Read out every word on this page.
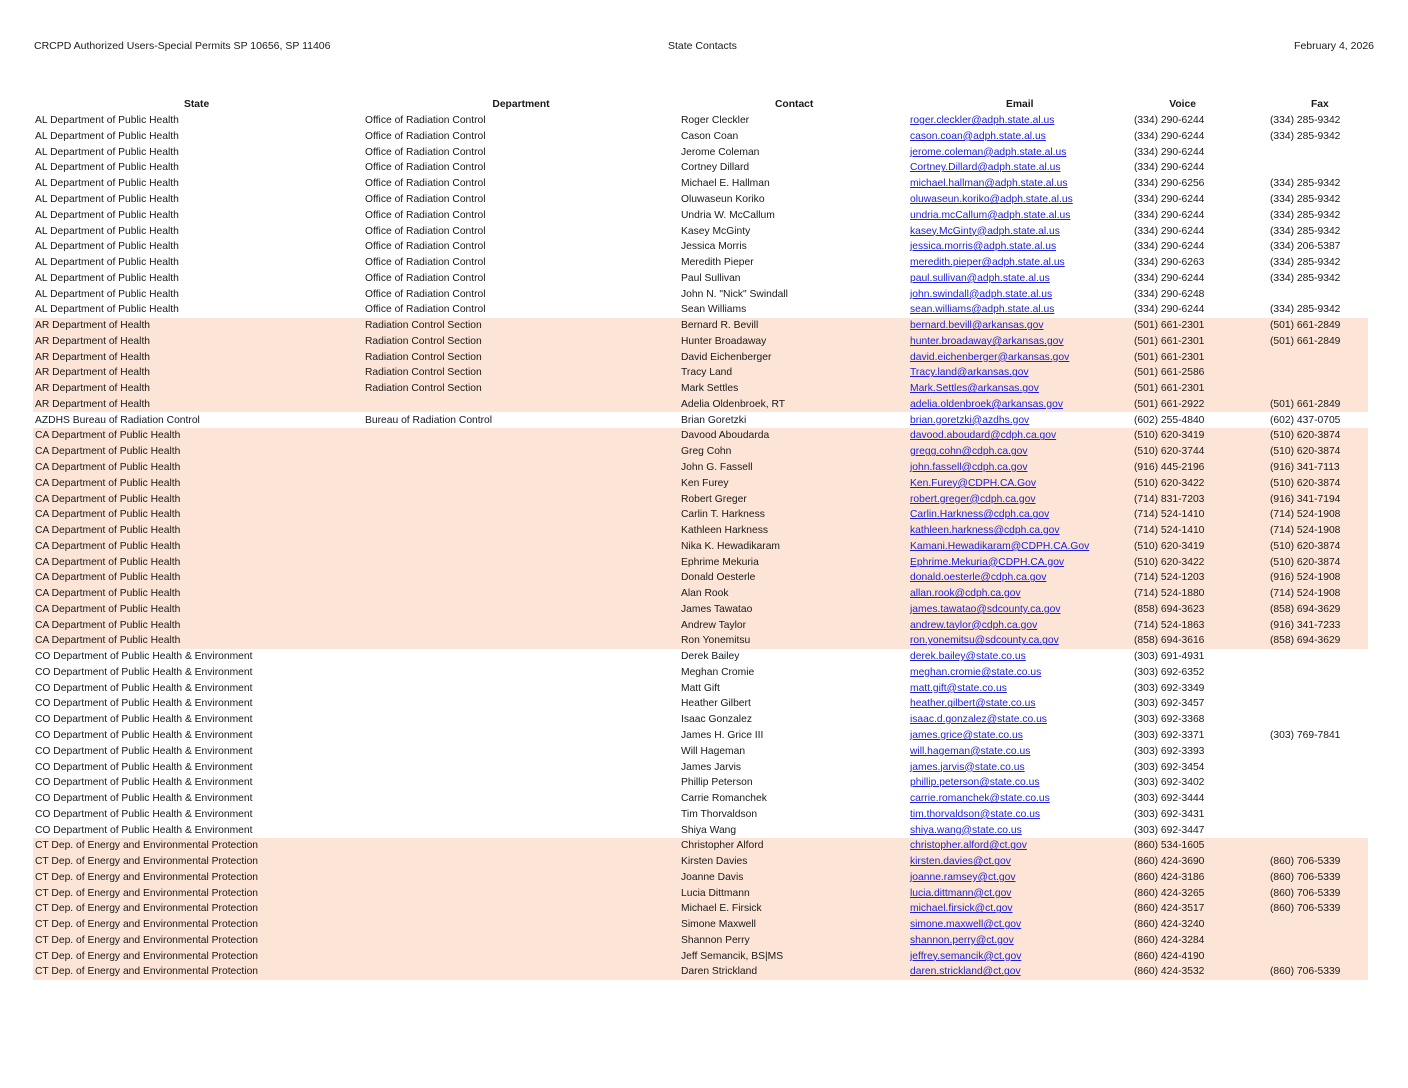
CRCPD Authorized Users-Special Permits SP 10656, SP 11406	State Contacts	February 4, 2026
State	Department	Contact	Email	Voice	Fax
AL Department of Public Health	Office of Radiation Control	Roger Cleckler	roger.cleckler@adph.state.al.us	(334) 290-6244	(334) 285-9342
AL Department of Public Health	Office of Radiation Control	Cason Coan	cason.coan@adph.state.al.us	(334) 290-6244	(334) 285-9342
AL Department of Public Health	Office of Radiation Control	Jerome Coleman	jerome.coleman@adph.state.al.us	(334) 290-6244	
AL Department of Public Health	Office of Radiation Control	Cortney Dillard	Cortney.Dillard@adph.state.al.us	(334) 290-6244	
AL Department of Public Health	Office of Radiation Control	Michael E. Hallman	michael.hallman@adph.state.al.us	(334) 290-6256	(334) 285-9342
AL Department of Public Health	Office of Radiation Control	Oluwaseun Koriko	oluwaseun.koriko@adph.state.al.us	(334) 290-6244	(334) 285-9342
AL Department of Public Health	Office of Radiation Control	Undria W. McCallum	undria.mcCallum@adph.state.al.us	(334) 290-6244	(334) 285-9342
AL Department of Public Health	Office of Radiation Control	Kasey McGinty	kasey.McGinty@adph.state.al.us	(334) 290-6244	(334) 285-9342
AL Department of Public Health	Office of Radiation Control	Jessica Morris	jessica.morris@adph.state.al.us	(334) 290-6244	(334) 206-5387
AL Department of Public Health	Office of Radiation Control	Meredith Pieper	meredith.pieper@adph.state.al.us	(334) 290-6263	(334) 285-9342
AL Department of Public Health	Office of Radiation Control	Paul Sullivan	paul.sullivan@adph.state.al.us	(334) 290-6244	(334) 285-9342
AL Department of Public Health	Office of Radiation Control	John N. "Nick" Swindall	john.swindall@adph.state.al.us	(334) 290-6248	
AL Department of Public Health	Office of Radiation Control	Sean Williams	sean.williams@adph.state.al.us	(334) 290-6244	(334) 285-9342
AR Department of Health	Radiation Control Section	Bernard R. Bevill	bernard.bevill@arkansas.gov	(501) 661-2301	(501) 661-2849
AR Department of Health	Radiation Control Section	Hunter Broadaway	hunter.broadaway@arkansas.gov	(501) 661-2301	(501) 661-2849
AR Department of Health	Radiation Control Section	David Eichenberger	david.eichenberger@arkansas.gov	(501) 661-2301	
AR Department of Health	Radiation Control Section	Tracy Land	Tracy.land@arkansas.gov	(501) 661-2586	
AR Department of Health	Radiation Control Section	Mark Settles	Mark.Settles@arkansas.gov	(501) 661-2301	
AR Department of Health		Adelia Oldenbroek, RT	adelia.oldenbroek@arkansas.gov	(501) 661-2922	(501) 661-2849
AZDHS Bureau of Radiation Control	Bureau of Radiation Control	Brian Goretzki	brian.goretzki@azdhs.gov	(602) 255-4840	(602) 437-0705
CA Department of Public Health		Davood Aboudarda	davood.aboudard@cdph.ca.gov	(510) 620-3419	(510) 620-3874
CA Department of Public Health		Greg Cohn	gregg.cohn@cdph.ca.gov	(510) 620-3744	(510) 620-3874
CA Department of Public Health		John G. Fassell	john.fassell@cdph.ca.gov	(916) 445-2196	(916) 341-7113
CA Department of Public Health		Ken Furey	Ken.Furey@CDPH.CA.Gov	(510) 620-3422	(510) 620-3874
CA Department of Public Health		Robert Greger	robert.greger@cdph.ca.gov	(714) 831-7203	(916) 341-7194
CA Department of Public Health		Carlin T. Harkness	Carlin.Harkness@cdph.ca.gov	(714) 524-1410	(714) 524-1908
CA Department of Public Health		Kathleen Harkness	kathleen.harkness@cdph.ca.gov	(714) 524-1410	(714) 524-1908
CA Department of Public Health		Nika K. Hewadikaram	Kamani.Hewadikaram@CDPH.CA.Gov	(510) 620-3419	(510) 620-3874
CA Department of Public Health		Ephrime Mekuria	Ephrime.Mekuria@CDPH.CA.gov	(510) 620-3422	(510) 620-3874
CA Department of Public Health		Donald Oesterle	donald.oesterle@cdph.ca.gov	(714) 524-1203	(916) 524-1908
CA Department of Public Health		Alan Rook	allan.rook@cdph.ca.gov	(714) 524-1880	(714) 524-1908
CA Department of Public Health		James Tawatao	james.tawatao@sdcounty.ca.gov	(858) 694-3623	(858) 694-3629
CA Department of Public Health		Andrew Taylor	andrew.taylor@cdph.ca.gov	(714) 524-1863	(916) 341-7233
CA Department of Public Health		Ron Yonemitsu	ron.yonemitsu@sdcounty.ca.gov	(858) 694-3616	(858) 694-3629
CO Department of Public Health & Environment		Derek Bailey	derek.bailey@state.co.us	(303) 691-4931	
CO Department of Public Health & Environment		Meghan Cromie	meghan.cromie@state.co.us	(303) 692-6352	
CO Department of Public Health & Environment		Matt Gift	matt.gift@state.co.us	(303) 692-3349	
CO Department of Public Health & Environment		Heather Gilbert	heather.gilbert@state.co.us	(303) 692-3457	
CO Department of Public Health & Environment		Isaac Gonzalez	isaac.d.gonzalez@state.co.us	(303) 692-3368	
CO Department of Public Health & Environment		James H. Grice III	james.grice@state.co.us	(303) 692-3371	(303) 769-7841
CO Department of Public Health & Environment		Will Hageman	will.hageman@state.co.us	(303) 692-3393	
CO Department of Public Health & Environment		James Jarvis	james.jarvis@state.co.us	(303) 692-3454	
CO Department of Public Health & Environment		Phillip Peterson	phillip.peterson@state.co.us	(303) 692-3402	
CO Department of Public Health & Environment		Carrie Romanchek	carrie.romanchek@state.co.us	(303) 692-3444	
CO Department of Public Health & Environment		Tim Thorvaldson	tim.thorvaldson@state.co.us	(303) 692-3431	
CO Department of Public Health & Environment		Shiya Wang	shiya.wang@state.co.us	(303) 692-3447	
CT Dep. of Energy and Environmental Protection		Christopher Alford	christopher.alford@ct.gov	(860) 534-1605	
CT Dep. of Energy and Environmental Protection		Kirsten Davies	kirsten.davies@ct.gov	(860) 424-3690	(860) 706-5339
CT Dep. of Energy and Environmental Protection		Joanne Davis	joanne.ramsey@ct.gov	(860) 424-3186	(860) 706-5339
CT Dep. of Energy and Environmental Protection		Lucia Dittmann	lucia.dittmann@ct.gov	(860) 424-3265	(860) 706-5339
CT Dep. of Energy and Environmental Protection		Michael E. Firsick	michael.firsick@ct.gov	(860) 424-3517	(860) 706-5339
CT Dep. of Energy and Environmental Protection		Simone Maxwell	simone.maxwell@ct.gov	(860) 424-3240	
CT Dep. of Energy and Environmental Protection		Shannon Perry	shannon.perry@ct.gov	(860) 424-3284	
CT Dep. of Energy and Environmental Protection		Jeff Semancik, BS|MS	jeffrey.semancik@ct.gov	(860) 424-4190	
CT Dep. of Energy and Environmental Protection		Daren Strickland	daren.strickland@ct.gov	(860) 424-3532	(860) 706-5339
